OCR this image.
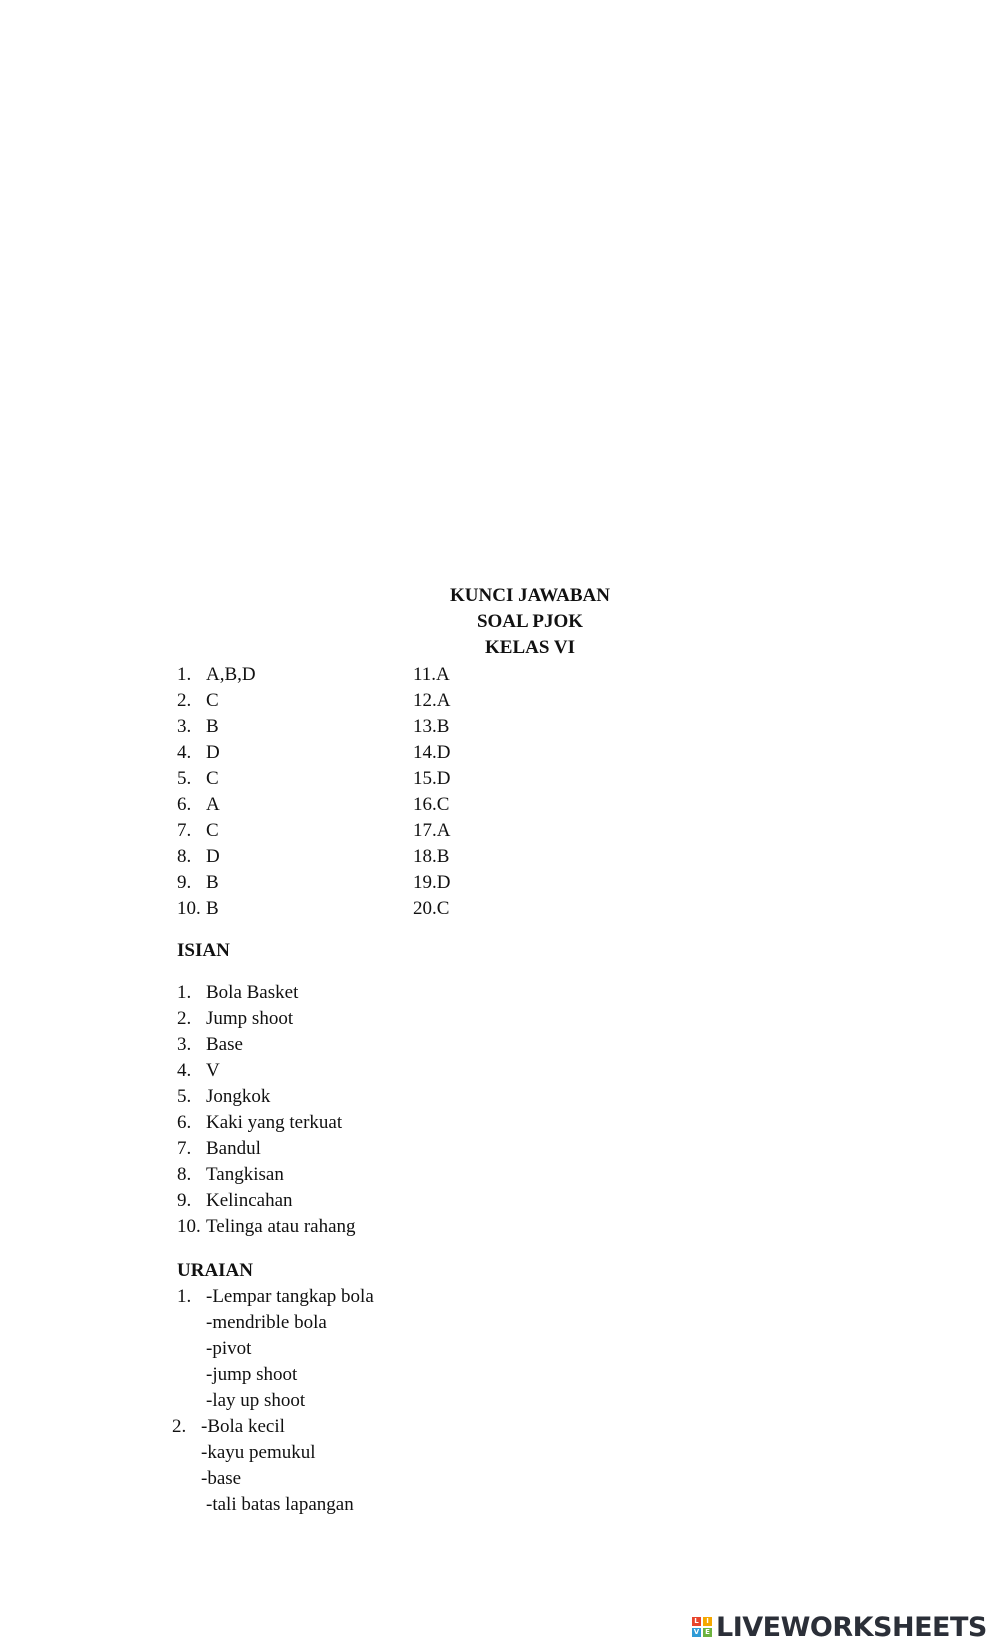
KUNCI JAWABAN
SOAL PJOK
KELAS VI
1. A,B,D
2. C
3. B
4. D
5. C
6. A
7. C
8. D
9. B
10. B
11.A
12.A
13.B
14.D
15.D
16.C
17.A
18.B
19.D
20.C
ISIAN
1. Bola Basket
2. Jump shoot
3. Base
4. V
5. Jongkok
6. Kaki yang terkuat
7. Bandul
8. Tangkisan
9. Kelincahan
10. Telinga atau rahang
URAIAN
1. -Lempar tangkap bola
-mendrible bola
-pivot
-jump shoot
-lay up shoot
2. -Bola kecil
-kayu pemukul
-base
-tali batas lapangan
L	I
V E LIVEWORKSHEETS
